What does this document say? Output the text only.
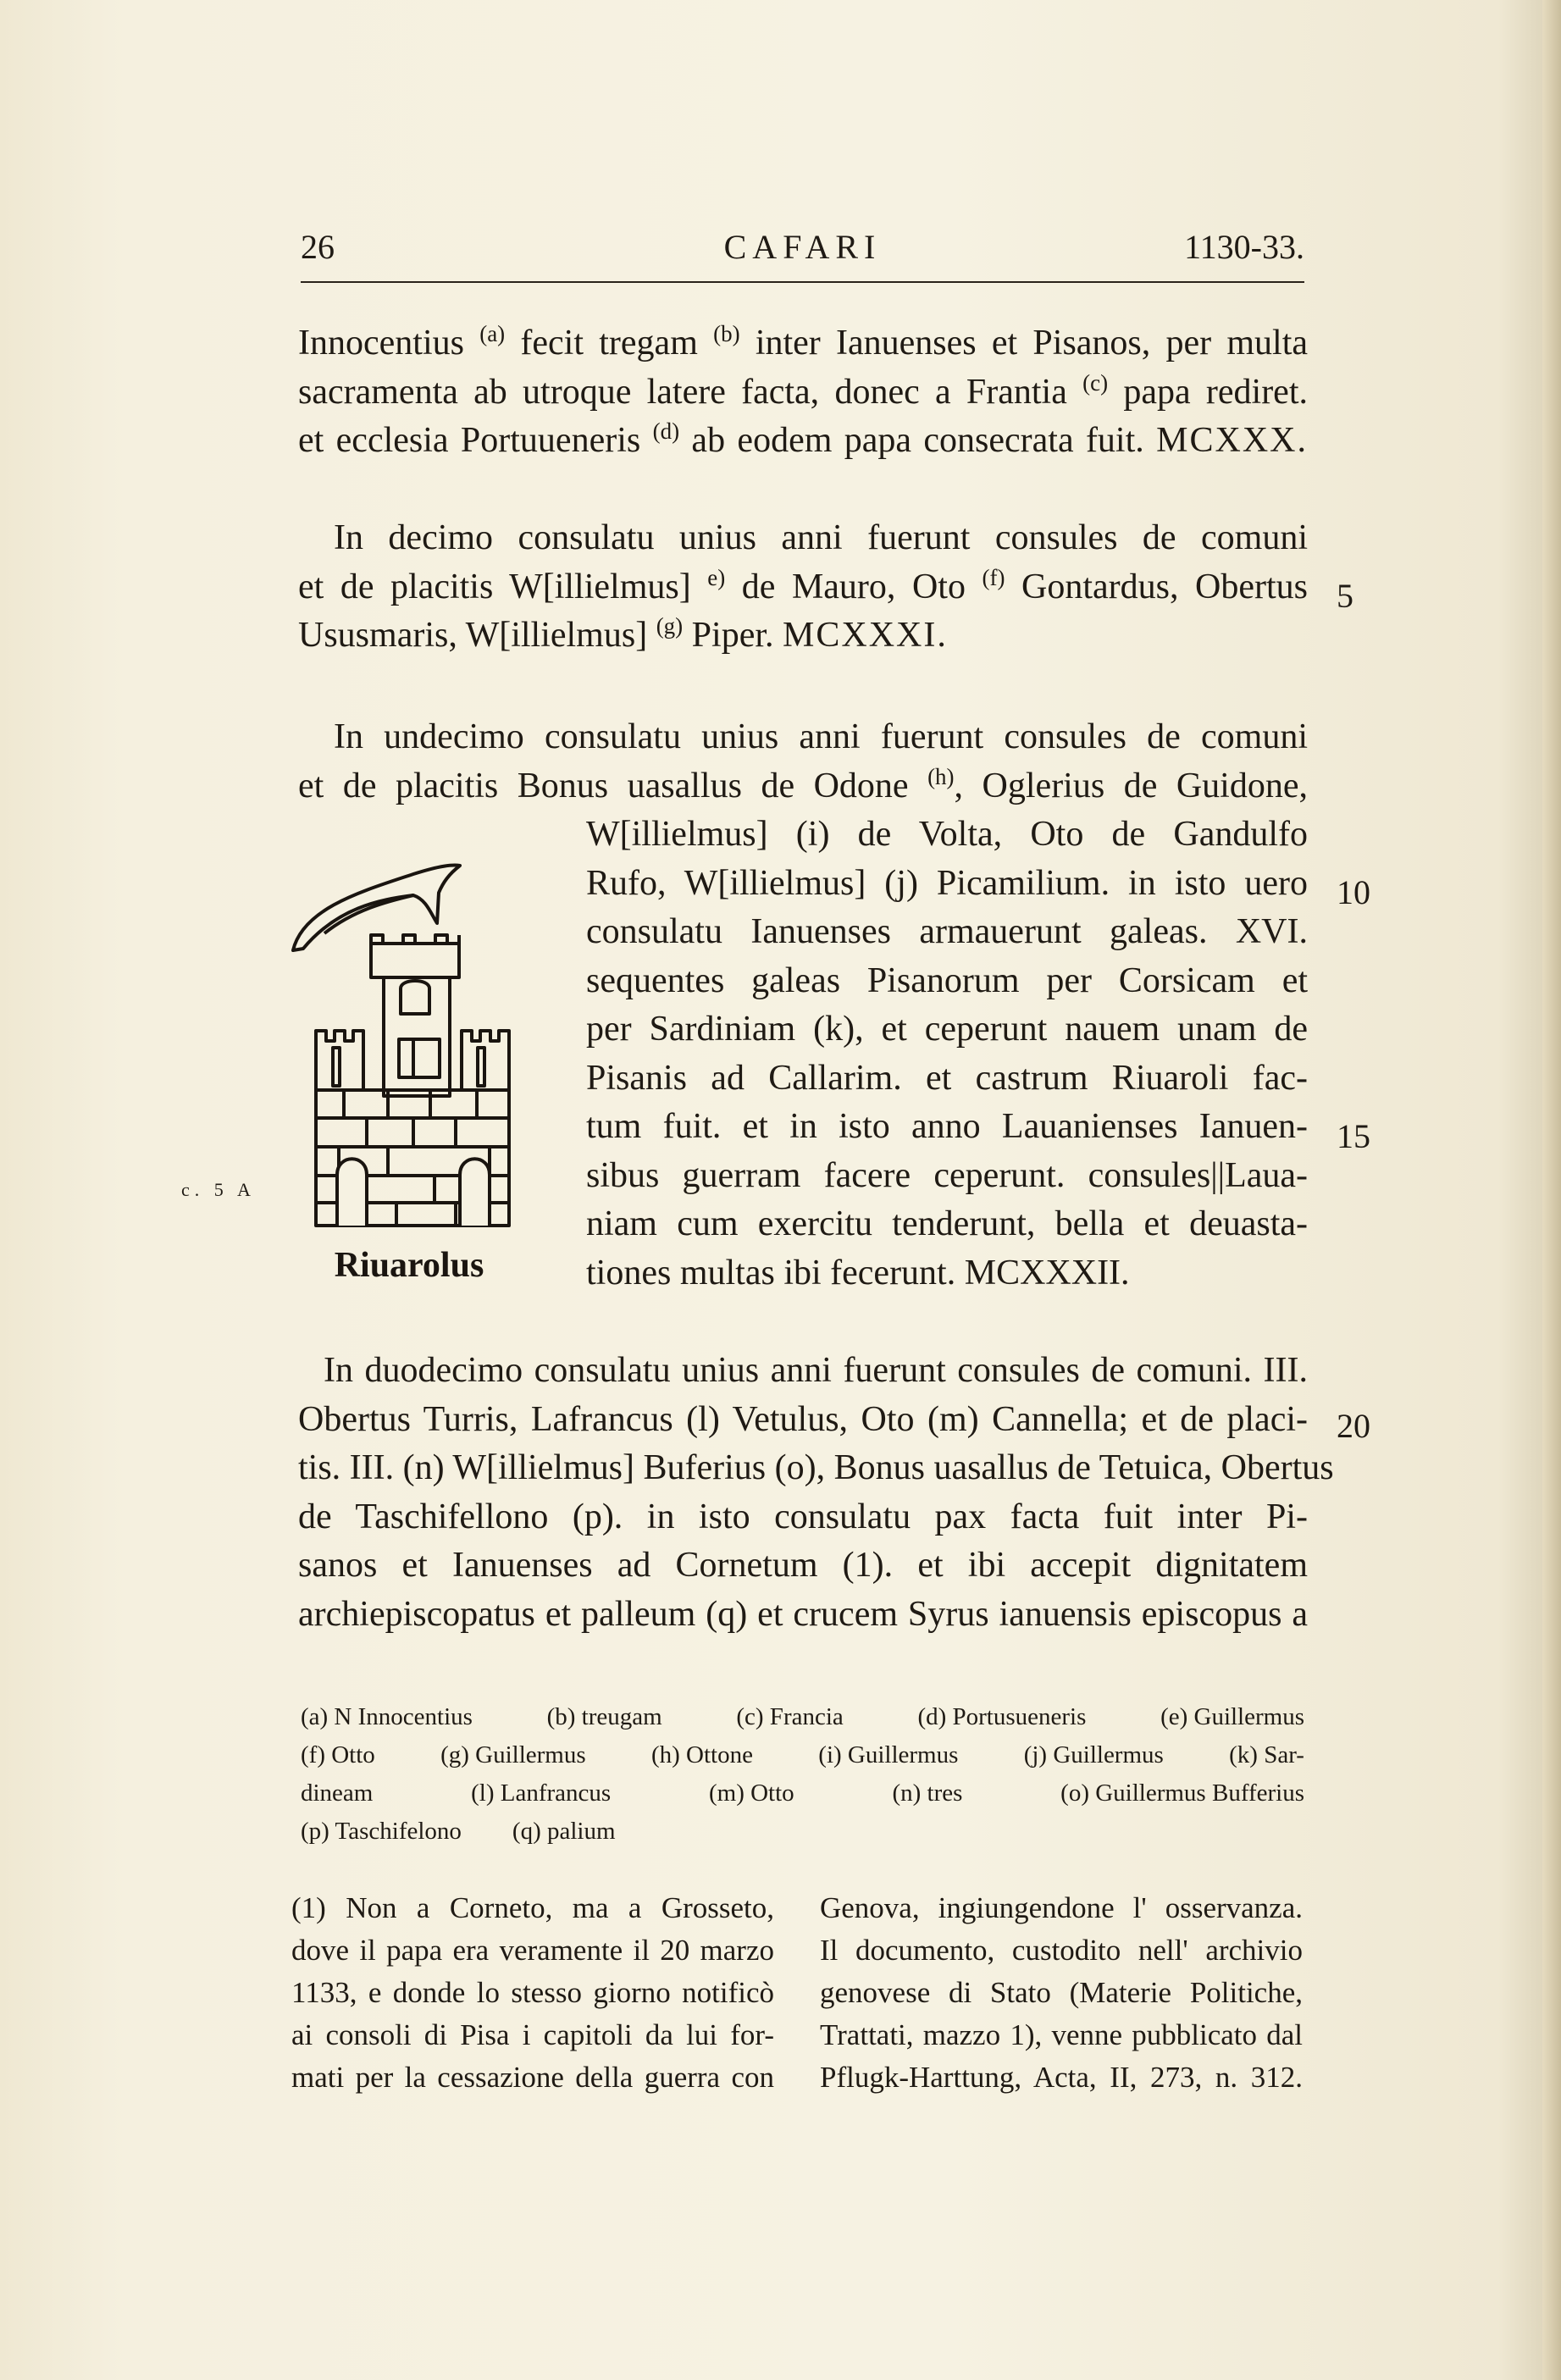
26	CAFARI	1130-33.
Innocentius $^{(a)}$ fecit tregam $^{(b)}$ inter Ianuenses et Pisanos, per multa
sacramenta ab utroque latere facta, donec a Frantia $^{(c)}$ papa rediret.
et ecclesia Portuueneris $^{(d)}$ ab eodem papa consecrata fuit. MCXXX.
In decimo consulatu unius anni fuerunt consules de comuni
et de placitis W[illielmus] $^{e)}$ de Mauro, Oto $^{(f)}$ Gontardus, Obertus
Ususmaris, W[illielmus] $^{(g)}$ Piper. MCXXXI.
In undecimo consulatu unius anni fuerunt consules de comuni
et de placitis Bonus uasallus de Odone $^{(h)}$, Oglerius de Guidone,
W[illielmus] (i) de Volta, Oto de Gandulfo
Rufo, W[illielmus] (j) Picamilium. in isto uero
consulatu Ianuenses armauerunt galeas. XVI.
sequentes galeas Pisanorum per Corsicam et
per Sardiniam (k), et ceperunt nauem unam de
Pisanis ad Callarim. et castrum Riuaroli fac-
tum fuit. et in isto anno Lauanienses Ianuen-
sibus guerram facere ceperunt. consules||Laua-
niam cum exercitu tenderunt, bella et deuasta-
tiones multas ibi fecerunt. MCXXXII.
In duodecimo consulatu unius anni fuerunt consules de comuni. III.
Obertus Turris, Lafrancus (l) Vetulus, Oto (m) Cannella; et de placi-
tis. III. (n) W[illielmus] Buferius (o), Bonus uasallus de Tetuica, Obertus
de Taschifellono (p). in isto consulatu pax facta fuit inter Pi-
sanos et Ianuenses ad Cornetum (1). et ibi accepit dignitatem
archiepiscopatus et palleum (q) et crucem Syrus ianuensis episcopus a
5
10
15
20
c. 5 A
Riuarolus
(a) N Innocentius	(b) treugam	(c) Francia	(d) Portusueneris	(e) Guillermus
(f) Otto	(g) Guillermus	(h) Ottone	(i) Guillermus	(j) Guillermus	(k) Sar-
dineam	(l) Lanfrancus	(m) Otto	(n) tres	(o) Guillermus Bufferius
(p) Taschifelono (q) palium
(1) Non a Corneto, ma a Grosseto,
dove il papa era veramente il 20 marzo
1133, e donde lo stesso giorno notificò
ai consoli di Pisa i capitoli da lui for-
mati per la cessazione della guerra con
Genova, ingiungendone l' osservanza.
Il documento, custodito nell' archivio
genovese di Stato (Materie Politiche,
Trattati, mazzo 1), venne pubblicato dal
Pflugk-Harttung, Acta, II, 273, n. 312.
